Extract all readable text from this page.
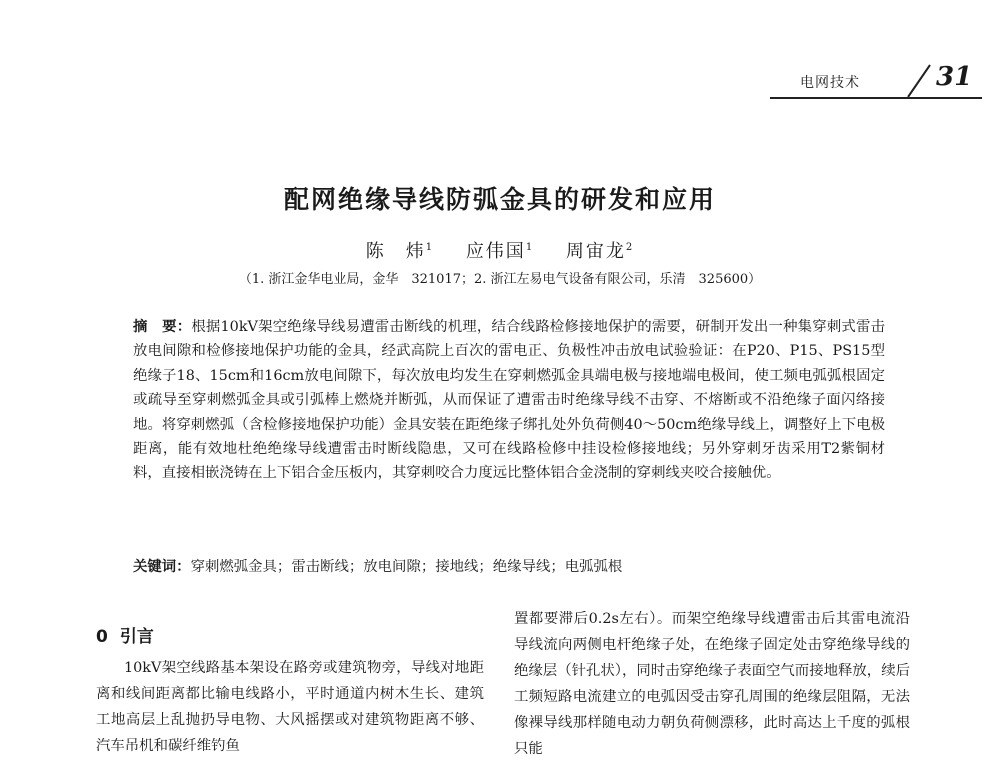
电网技术	31
配网绝缘导线防弧金具的研发和应用
陈　炜$^1$ 应伟国$^1$ 周宙龙$^2$
（1. 浙江金华电业局，金华　321017；2. 浙江左易电气设备有限公司，乐清　325600）
摘　要：根据10kV架空绝缘导线易遭雷击断线的机理，结合线路检修接地保护的需要，研制开发出一种集穿刺式雷击放电间隙和检修接地保护功能的金具，经武高院上百次的雷电正、负极性冲击放电试验验证：在P20、P15、PS15型绝缘子18、15cm和16cm放电间隙下，每次放电均发生在穿刺燃弧金具端电极与接地端电极间，使工频电弧弧根固定或疏导至穿刺燃弧金具或引弧棒上燃烧并断弧，从而保证了遭雷击时绝缘导线不击穿、不熔断或不沿绝缘子面闪络接地。将穿刺燃弧（含检修接地保护功能）金具安装在距绝缘子绑扎处外负荷侧40～50cm绝缘导线上，调整好上下电极距离，能有效地杜绝绝缘导线遭雷击时断线隐患，又可在线路检修中挂设检修接地线；另外穿刺牙齿采用T2紫铜材料，直接相嵌浇铸在上下铝合金压板内，其穿刺咬合力度远比整体铝合金浇制的穿刺线夹咬合接触优。
关键词：穿刺燃弧金具；雷击断线；放电间隙；接地线；绝缘导线；电弧弧根
0 引言

10kV架空线路基本架设在路旁或建筑物旁，导线对地距离和线间距离都比输电线路小，平时通道内树木生长、建筑工地高层上乱抛扔导电物、大风摇摆或对建筑物距离不够、汽车吊机和碳纤维钓鱼

置都要滞后0.2s左右）。而架空绝缘导线遭雷击后其雷电流沿导线流向两侧电杆绝缘子处，在绝缘子固定处击穿绝缘导线的绝缘层（针孔状），同时击穿绝缘子表面空气而接地释放，续后工频短路电流建立的电弧因受击穿孔周围的绝缘层阻隔，无法像裸导线那样随电动力朝负荷侧漂移，此时高达上千度的弧根只能
